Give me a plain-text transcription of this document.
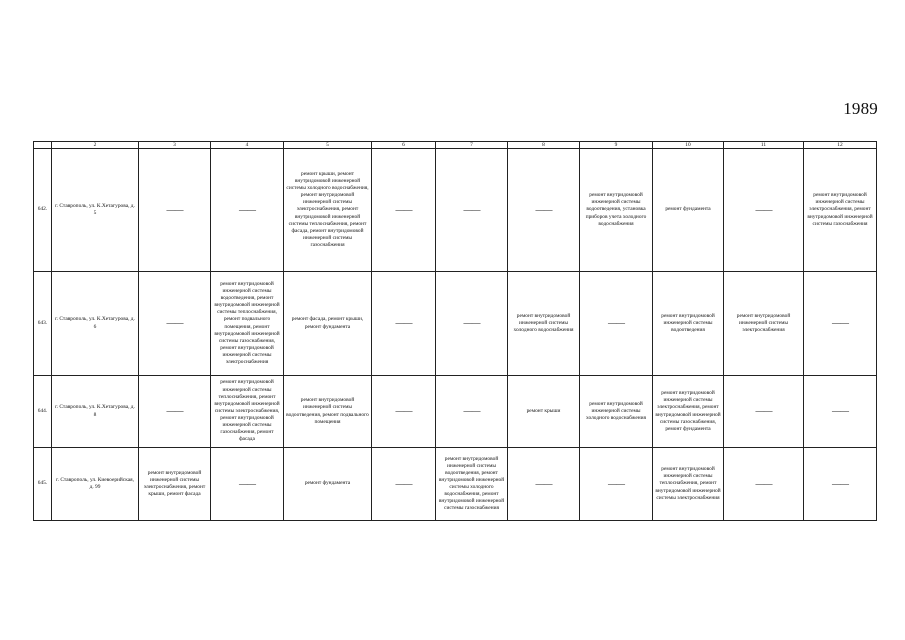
1989
	2	3	4	5	6	7	8	9	10	11	12
642.	г. Ставрополь, ул. К.Хетагурова, д. 5	——	——	ремонт крыши, ремонт внутридомовой инженерной системы холодного водоснабжения, ремонт внутридомовой инженерной системы электроснабжения, ремонт внутридомовой инженерной системы теплоснабжения, ремонт фасада, ремонт внутридомовой инженерной системы газоснабжения	——	——	——	ремонт внутридомовой инженерной системы водоотведения, установка приборов учета холодного водоснабжения	ремонт фундамента	——	ремонт внутридомовой инженерной системы электроснабжения, ремонт внутридомовой инженерной системы газоснабжения
643.	г. Ставрополь, ул. К.Хетагурова, д. 6	——	ремонт внутридомовой инженерной системы водоотведения, ремонт внутридомовой инженерной системы теплоснабжения, ремонт подвального помещения, ремонт внутридомовой инженерной системы газоснабжения, ремонт внутридомовой инженерной системы электроснабжения	ремонт фасада, ремонт крыши, ремонт фундамента	——	——	ремонт внутридомовой инженерной системы холодного водоснабжения	——	ремонт внутридомовой инженерной системы водоотведения	ремонт внутридомовой инженерной системы электроснабжения	——

644.	г. Ставрополь, ул. К.Хетагурова, д. 8	——	ремонт внутридомовой инженерной системы теплоснабжения, ремонт внутридомовой инженерной системы электроснабжения, ремонт внутридомовой инженерной системы газоснабжения, ремонт фасада	ремонт внутридомовой инженерной системы водоотведения, ремонт подвального помещения	——	——	ремонт крыши	ремонт внутридомовой инженерной системы холодного водоснабжения	ремонт внутридомовой инженерной системы электроснабжения, ремонт внутридомовой инженерной системы газоснабжения, ремонт фундамента	——	——

645.	г. Ставрополь, ул. Киевоерийская, д. 99	ремонт внутридомовой инженерной системы электроснабжения, ремонт крыши, ремонт фасада	——	ремонт фундамента	——	ремонт внутридомовой инженерной системы водоотведения, ремонт внутридомовой инженерной системы холодного водоснабжения, ремонт внутридомовой инженерной системы газоснабжения	——	——	ремонт внутридомовой инженерной системы теплоснабжения, ремонт внутридомовой инженерной системы электроснабжения	——	——
